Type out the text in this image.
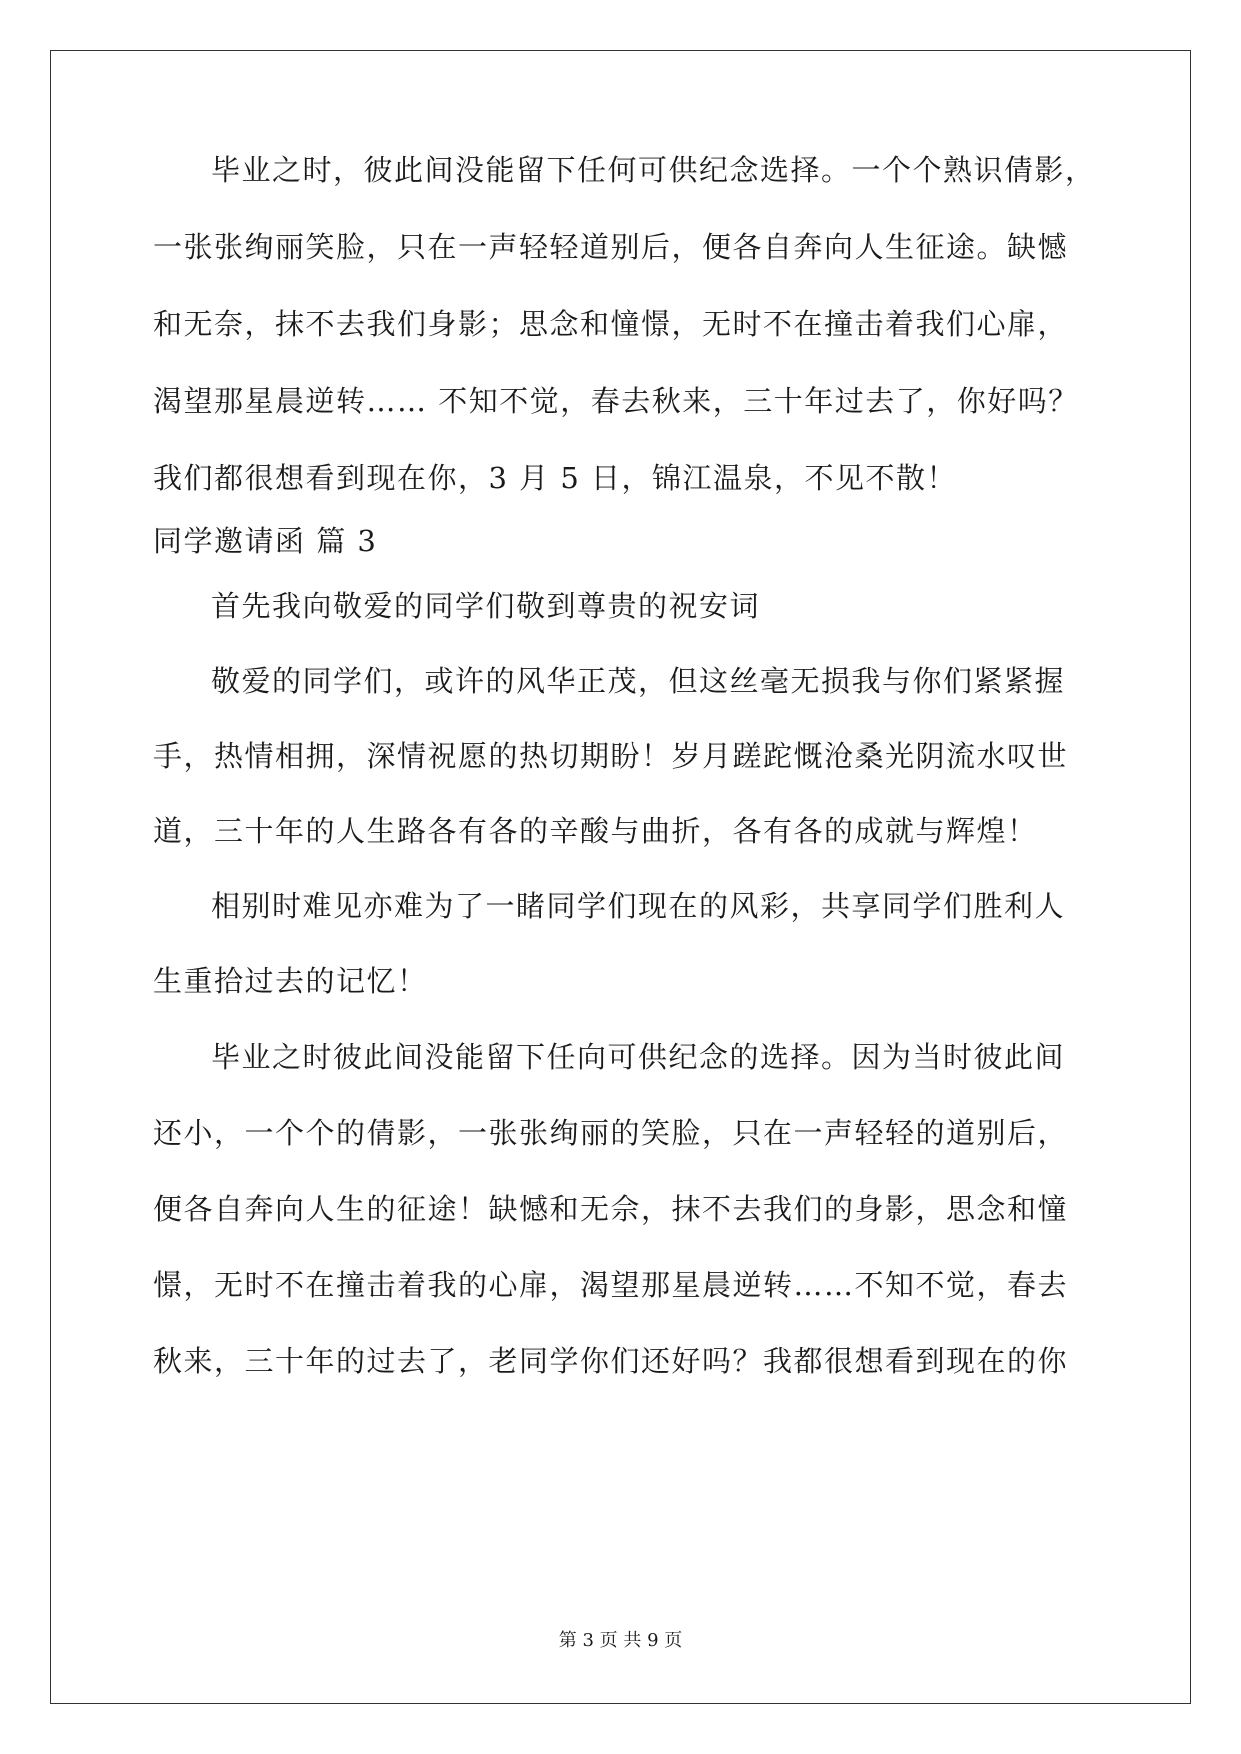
毕业之时，彼此间没能留下任何可供纪念选择。一个个熟识倩影，
一张张绚丽笑脸，只在一声轻轻道别后，便各自奔向人生征途。缺憾
和无奈，抹不去我们身影；思念和憧憬，无时不在撞击着我们心扉，
渴望那星晨逆转…… 不知不觉，春去秋来，三十年过去了，你好吗？
我们都很想看到现在你，3 月 5 日，锦江温泉，不见不散！
同学邀请函 篇 3
首先我向敬爱的同学们敬到尊贵的祝安词
敬爱的同学们，或许的风华正茂，但这丝毫无损我与你们紧紧握
手，热情相拥，深情祝愿的热切期盼！岁月蹉跎慨沧桑光阴流水叹世
道，三十年的人生路各有各的辛酸与曲折，各有各的成就与辉煌！
相别时难见亦难为了一睹同学们现在的风彩，共享同学们胜利人
生重拾过去的记忆！
毕业之时彼此间没能留下任向可供纪念的选择。因为当时彼此间
还小，一个个的倩影，一张张绚丽的笑脸，只在一声轻轻的道别后，
便各自奔向人生的征途！缺憾和无佘，抹不去我们的身影，思念和憧
憬，无时不在撞击着我的心扉，渴望那星晨逆转……不知不觉，春去
秋来，三十年的过去了，老同学你们还好吗？我都很想看到现在的你
第 3 页 共 9 页
